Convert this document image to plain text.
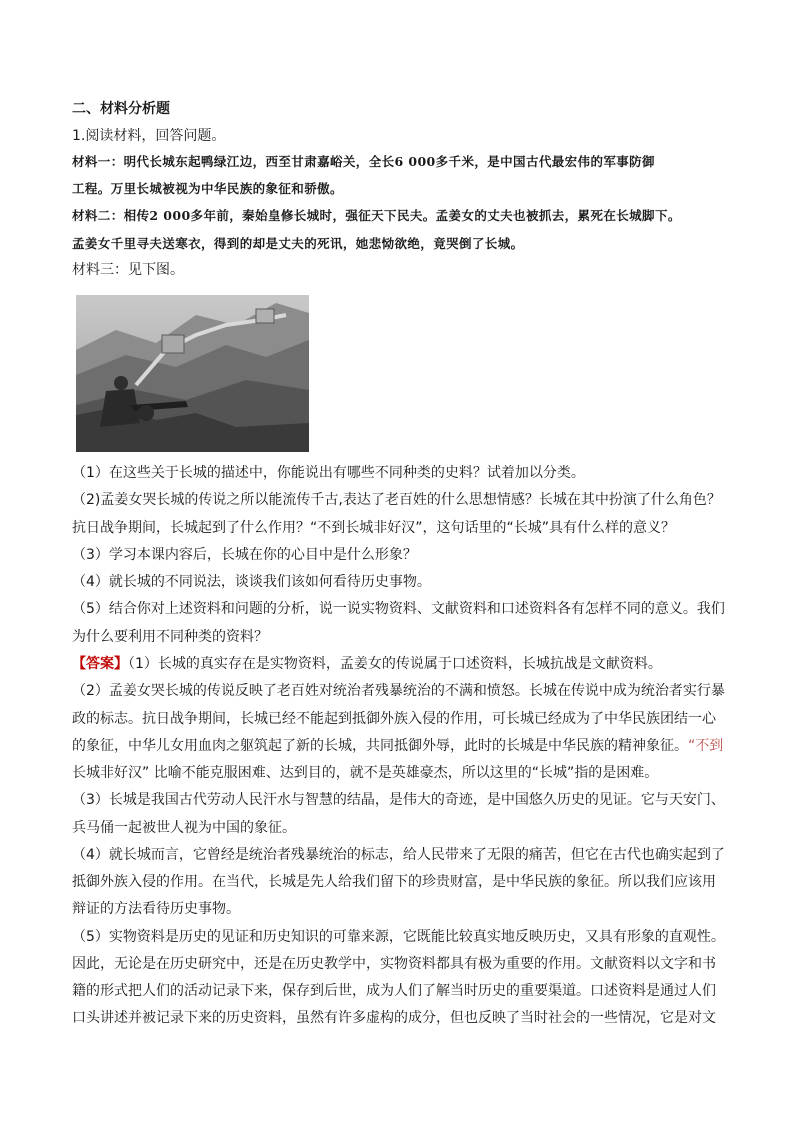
二、材料分析题
1.阅读材料，回答问题。
材料一：明代长城东起鸭绿江边，西至甘肃嘉峪关，全长6 000多千米，是中国古代最宏伟的军事防御
工程。万里长城被视为中华民族的象征和骄傲。
材料二：相传2 000多年前，秦始皇修长城时，强征天下民夫。孟姜女的丈夫也被抓去，累死在长城脚下。
孟姜女千里寻夫送寒衣，得到的却是丈夫的死讯，她悲恸欲绝，竟哭倒了长城。
材料三：见下图。
（1）在这些关于长城的描述中，你能说出有哪些不同种类的史料？试着加以分类。
（2)孟姜女哭长城的传说之所以能流传千古,表达了老百姓的什么思想情感？长城在其中扮演了什么角色？
抗日战争期间，长城起到了什么作用？“不到长城非好汉”，这句话里的“长城”具有什么样的意义？
（3）学习本课内容后，长城在你的心目中是什么形象？
（4）就长城的不同说法，谈谈我们该如何看待历史事物。
（5）结合你对上述资料和问题的分析，说一说实物资料、文献资料和口述资料各有怎样不同的意义。我们
为什么要利用不同种类的资料？
【答案】（1）长城的真实存在是实物资料，孟姜女的传说属于口述资料，长城抗战是文献资料。
（2）孟姜女哭长城的传说反映了老百姓对统治者残暴统治的不满和愤怒。长城在传说中成为统治者实行暴
政的标志。抗日战争期间，长城已经不能起到抵御外族入侵的作用，可长城已经成为了中华民族团结一心
的象征，中华儿女用血肉之躯筑起了新的长城，共同抵御外辱，此时的长城是中华民族的精神象征。“不到
长城非好汉” 比喻不能克服困难、达到目的，就不是英雄豪杰，所以这里的“长城”指的是困难。
（3）长城是我国古代劳动人民汗水与智慧的结晶，是伟大的奇迹，是中国悠久历史的见证。它与天安门、
兵马俑一起被世人视为中国的象征。
（4）就长城而言，它曾经是统治者残暴统治的标志，给人民带来了无限的痛苦，但它在古代也确实起到了
抵御外族入侵的作用。在当代，长城是先人给我们留下的珍贵财富，是中华民族的象征。所以我们应该用
辩证的方法看待历史事物。
（5）实物资料是历史的见证和历史知识的可靠来源，它既能比较真实地反映历史，又具有形象的直观性。
因此，无论是在历史研究中，还是在历史教学中，实物资料都具有极为重要的作用。文献资料以文字和书
籍的形式把人们的活动记录下来，保存到后世，成为人们了解当时历史的重要渠道。口述资料是通过人们
口头讲述并被记录下来的历史资料，虽然有许多虚构的成分，但也反映了当时社会的一些情况，它是对文
